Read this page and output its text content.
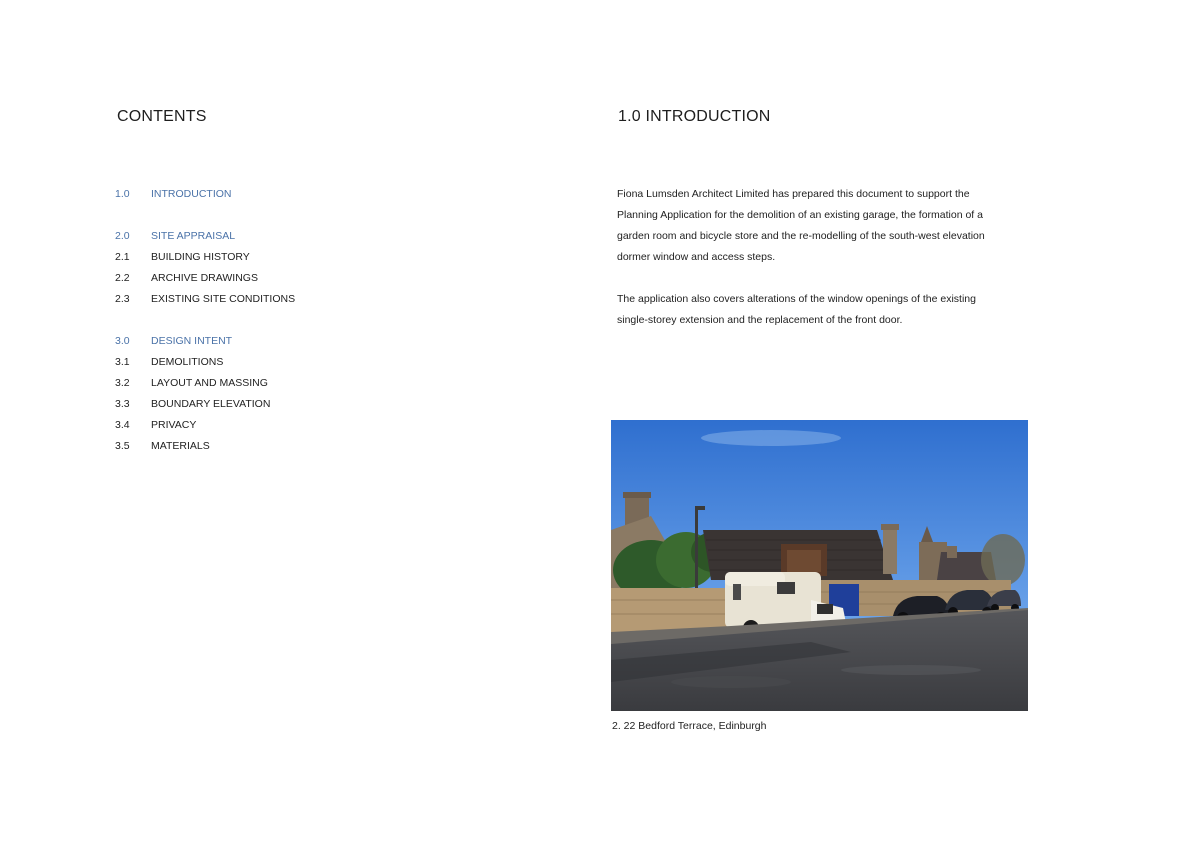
CONTENTS
1.0	INTRODUCTION
2.0	SITE APPRAISAL
2.1	BUILDING HISTORY
2.2	ARCHIVE DRAWINGS
2.3	EXISTING SITE CONDITIONS
3.0	DESIGN INTENT
3.1	DEMOLITIONS
3.2	LAYOUT AND MASSING
3.3	BOUNDARY ELEVATION
3.4	PRIVACY
3.5	MATERIALS
1.0 INTRODUCTION

Fiona Lumsden Architect Limited has prepared this document to support the Planning Application for the demolition of an existing garage, the formation of a garden room and bicycle store and the re-modelling of the south-west elevation dormer window and access steps.

The application also covers alterations of the window openings of the existing single-storey extension and the replacement of the front door.

2. 22 Bedford Terrace, Edinburgh
